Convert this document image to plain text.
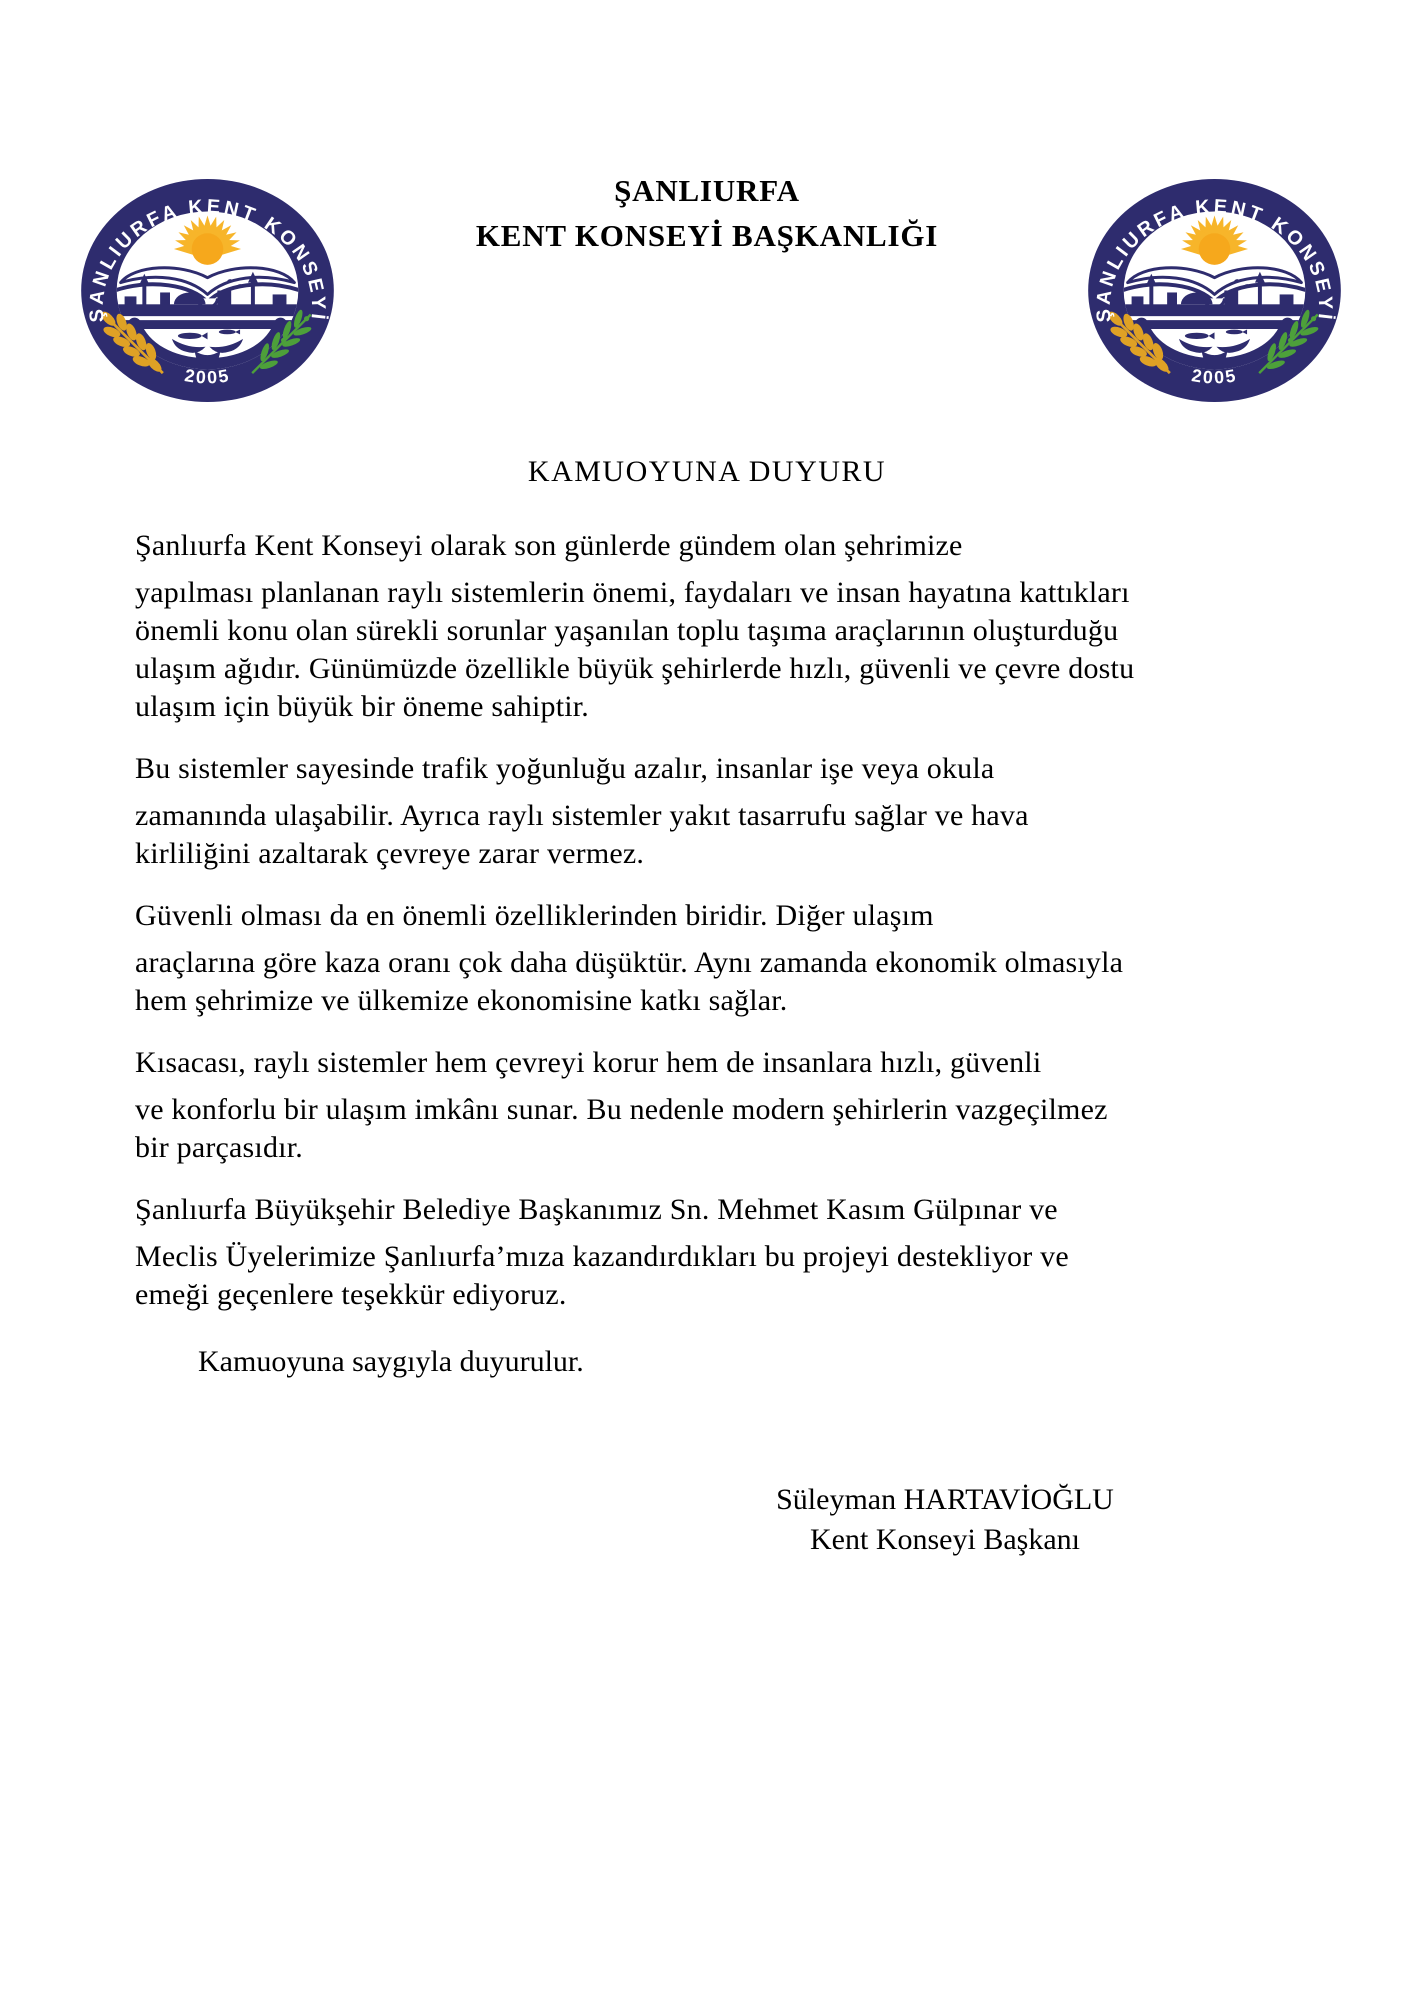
ŞANLIURFA
KENT KONSEYİ BAŞKANLIĞI
KAMUOYUNA DUYURU
Şanlıurfa Kent Konseyi olarak son günlerde gündem olan şehrimize
yapılması planlanan raylı sistemlerin önemi, faydaları ve insan hayatına kattıkları
önemli konu olan sürekli sorunlar yaşanılan toplu taşıma araçlarının oluşturduğu
ulaşım ağıdır. Günümüzde özellikle büyük şehirlerde hızlı, güvenli ve çevre dostu
ulaşım için büyük bir öneme sahiptir.
Bu sistemler sayesinde trafik yoğunluğu azalır, insanlar işe veya okula
zamanında ulaşabilir. Ayrıca raylı sistemler yakıt tasarrufu sağlar ve hava
kirliliğini azaltarak çevreye zarar vermez.
Güvenli olması da en önemli özelliklerinden biridir. Diğer ulaşım
araçlarına göre kaza oranı çok daha düşüktür. Aynı zamanda ekonomik olmasıyla
hem şehrimize ve ülkemize ekonomisine katkı sağlar.
Kısacası, raylı sistemler hem çevreyi korur hem de insanlara hızlı, güvenli
ve konforlu bir ulaşım imkânı sunar. Bu nedenle modern şehirlerin vazgeçilmez
bir parçasıdır.
Şanlıurfa Büyükşehir Belediye Başkanımız Sn. Mehmet Kasım Gülpınar ve
Meclis Üyelerimize Şanlıurfa’mıza kazandırdıkları bu projeyi destekliyor ve
emeği geçenlere teşekkür ediyoruz.
Kamuoyuna saygıyla duyurulur.
Süleyman HARTAVİOĞLU
Kent Konseyi Başkanı
